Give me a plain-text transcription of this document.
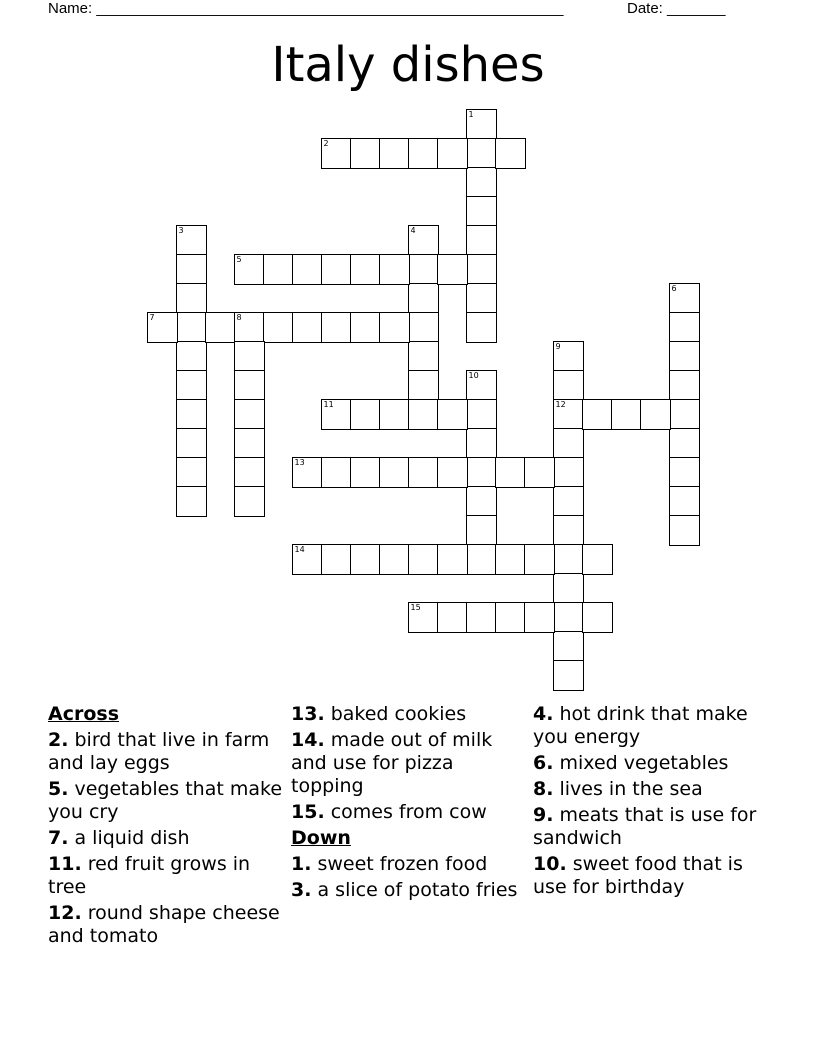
Name: ________________________________________________________	Date: _______
Italy dishes
1
2
3	4
5
6
7	8
9
12
10
11
13
14
15
Across
2. bird that live in farm and lay eggs
5. vegetables that make you cry
7. a liquid dish
11. red fruit grows in tree
12. round shape cheese and tomato
13. baked cookies
14. made out of milk and use for pizza topping
15. comes from cow
Down
1. sweet frozen food
3. a slice of potato fries
4. hot drink that make you energy
6. mixed vegetables
8. lives in the sea
9. meats that is use for sandwich
10. sweet food that is use for birthday
